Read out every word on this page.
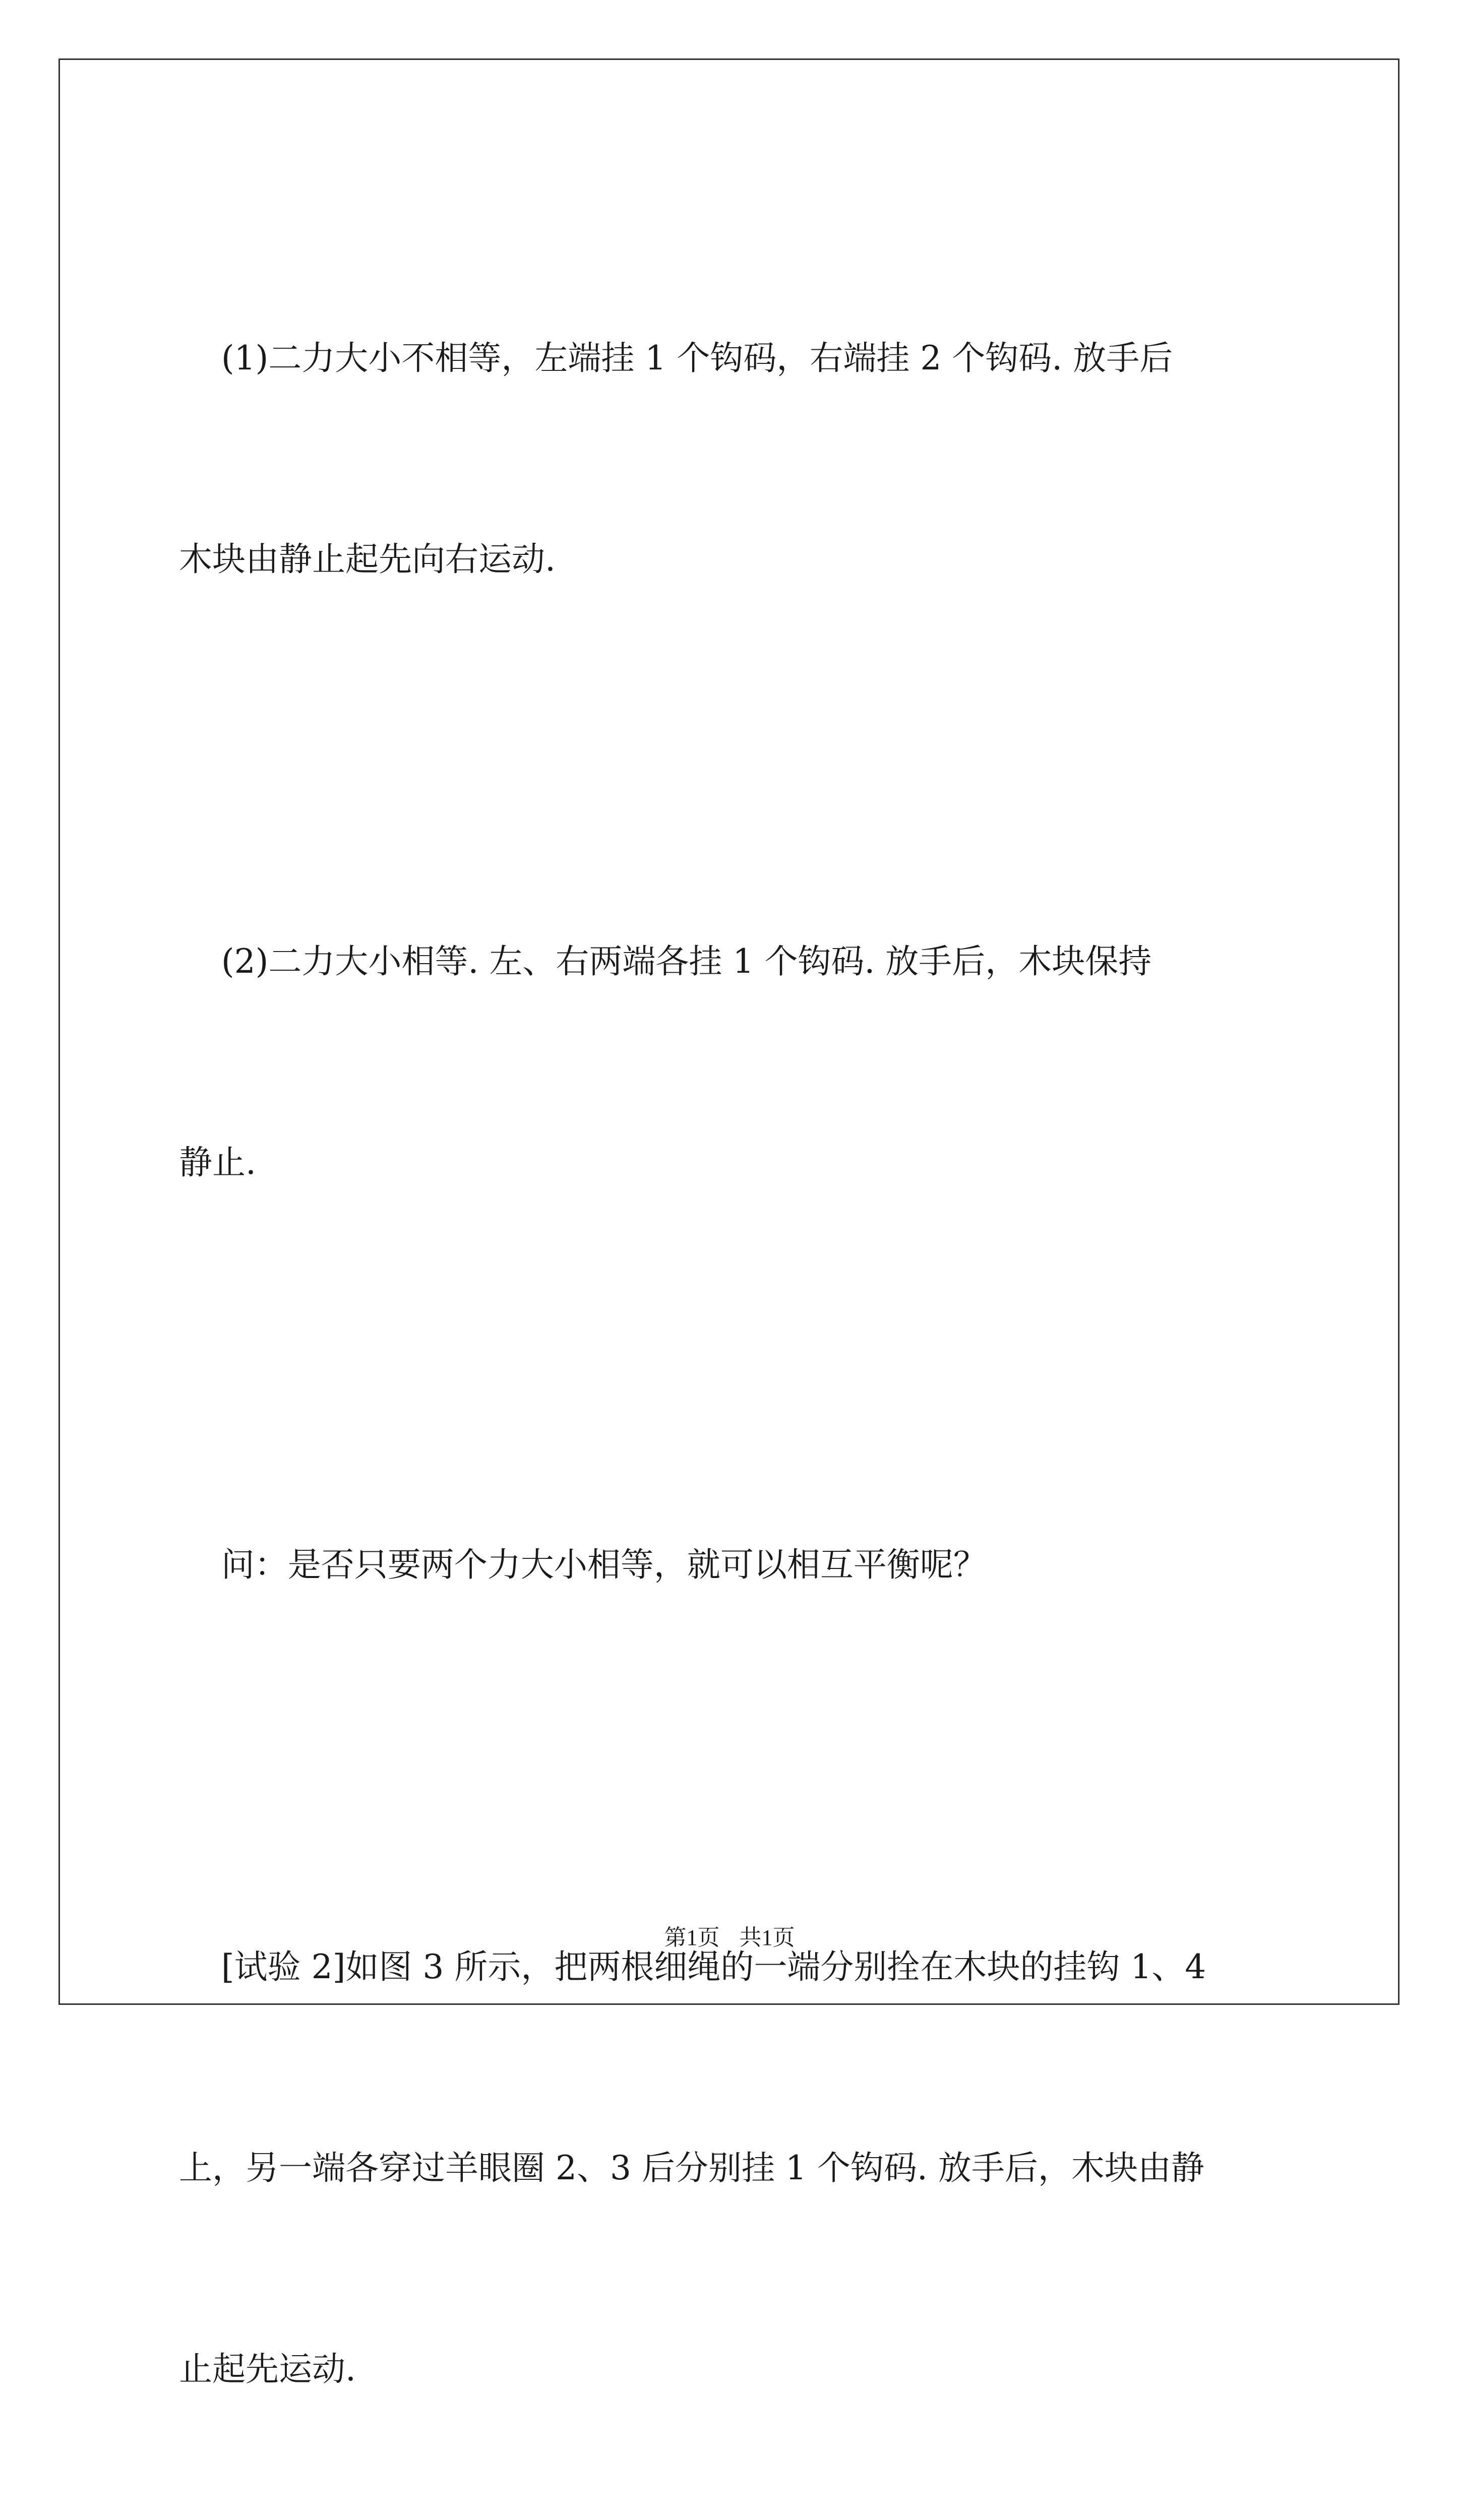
(1)二力大小不相等，左端挂 1 个钩码，右端挂 2 个钩码. 放手后

木块由静止起先向右运动.

(2)二力大小相等. 左、右两端各挂 1 个钩码. 放手后，木块保持

静止.

问：是否只要两个力大小相等，就可以相互平衡呢？

[试验 2]如图 3 所示，把两根细绳的一端分别拴在木块的挂钩 1、4

上，另一端各穿过羊眼圈 2、3 后分别挂 1 个钩码. 放手后，木块由静

止起先运动.

第1页 共1页
